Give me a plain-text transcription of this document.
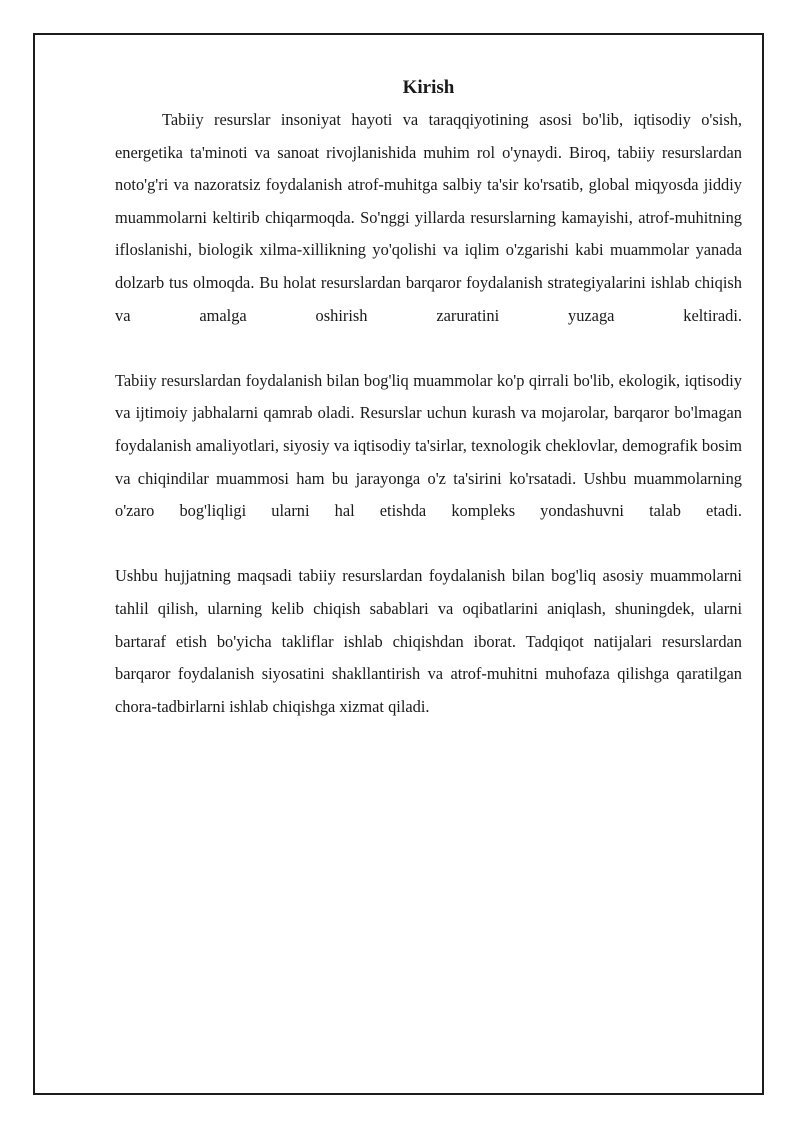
Kirish

Tabiiy resurslar insoniyat hayoti va taraqqiyotining asosi bo'lib, iqtisodiy o'sish, energetika ta'minoti va sanoat rivojlanishida muhim rol o'ynaydi. Biroq, tabiiy resurslardan noto'g'ri va nazoratsiz foydalanish atrof-muhitga salbiy ta'sir ko'rsatib, global miqyosda jiddiy muammolarni keltirib chiqarmoqda. So'nggi yillarda resurslarning kamayishi, atrof-muhitning ifloslanishi, biologik xilma-xillikning yo'qolishi va iqlim o'zgarishi kabi muammolar yanada dolzarb tus olmoqda. Bu holat resurslardan barqaror foydalanish strategiyalarini ishlab chiqish va amalga oshirish zaruratini yuzaga keltiradi.

Tabiiy resurslardan foydalanish bilan bog'liq muammolar ko'p qirrali bo'lib, ekologik, iqtisodiy va ijtimoiy jabhalarni qamrab oladi. Resurslar uchun kurash va mojarolar, barqaror bo'lmagan foydalanish amaliyotlari, siyosiy va iqtisodiy ta'sirlar, texnologik cheklovlar, demografik bosim va chiqindilar muammosi ham bu jarayonga o'z ta'sirini ko'rsatadi. Ushbu muammolarning o'zaro bog'liqligi ularni hal etishda kompleks yondashuvni talab etadi.

Ushbu hujjatning maqsadi tabiiy resurslardan foydalanish bilan bog'liq asosiy muammolarni tahlil qilish, ularning kelib chiqish sabablari va oqibatlarini aniqlash, shuningdek, ularni bartaraf etish bo'yicha takliflar ishlab chiqishdan iborat. Tadqiqot natijalari resurslardan barqaror foydalanish siyosatini shakllantirish va atrof-muhitni muhofaza qilishga qaratilgan chora-tadbirlarni ishlab chiqishga xizmat qiladi.
